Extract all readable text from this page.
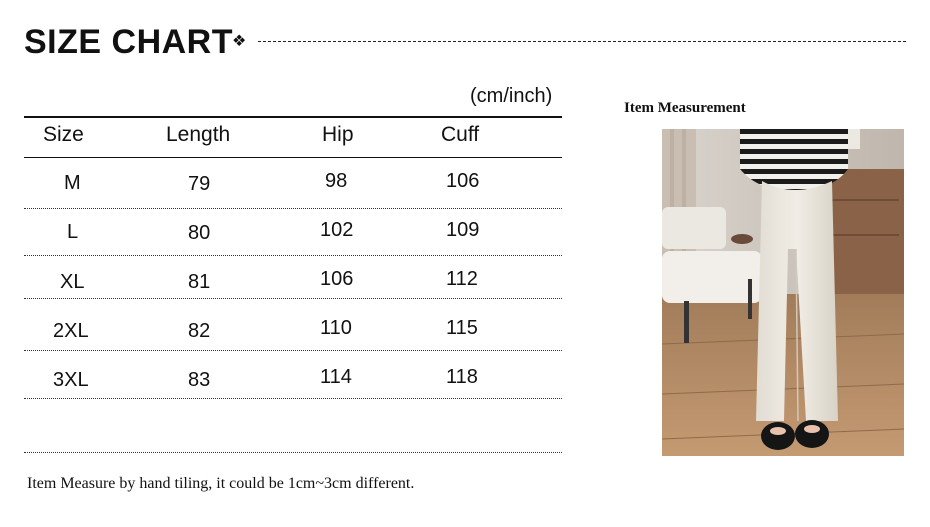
SIZE CHART ❖
(cm/inch)
Size	Length	Hip	Cuff
M	79	98	106
L	80	102	109
XL	81	106	112
2XL	82	110	115
3XL	83	114	118
Item Measure by hand tiling, it could be 1cm~3cm different.
Item Measurement
